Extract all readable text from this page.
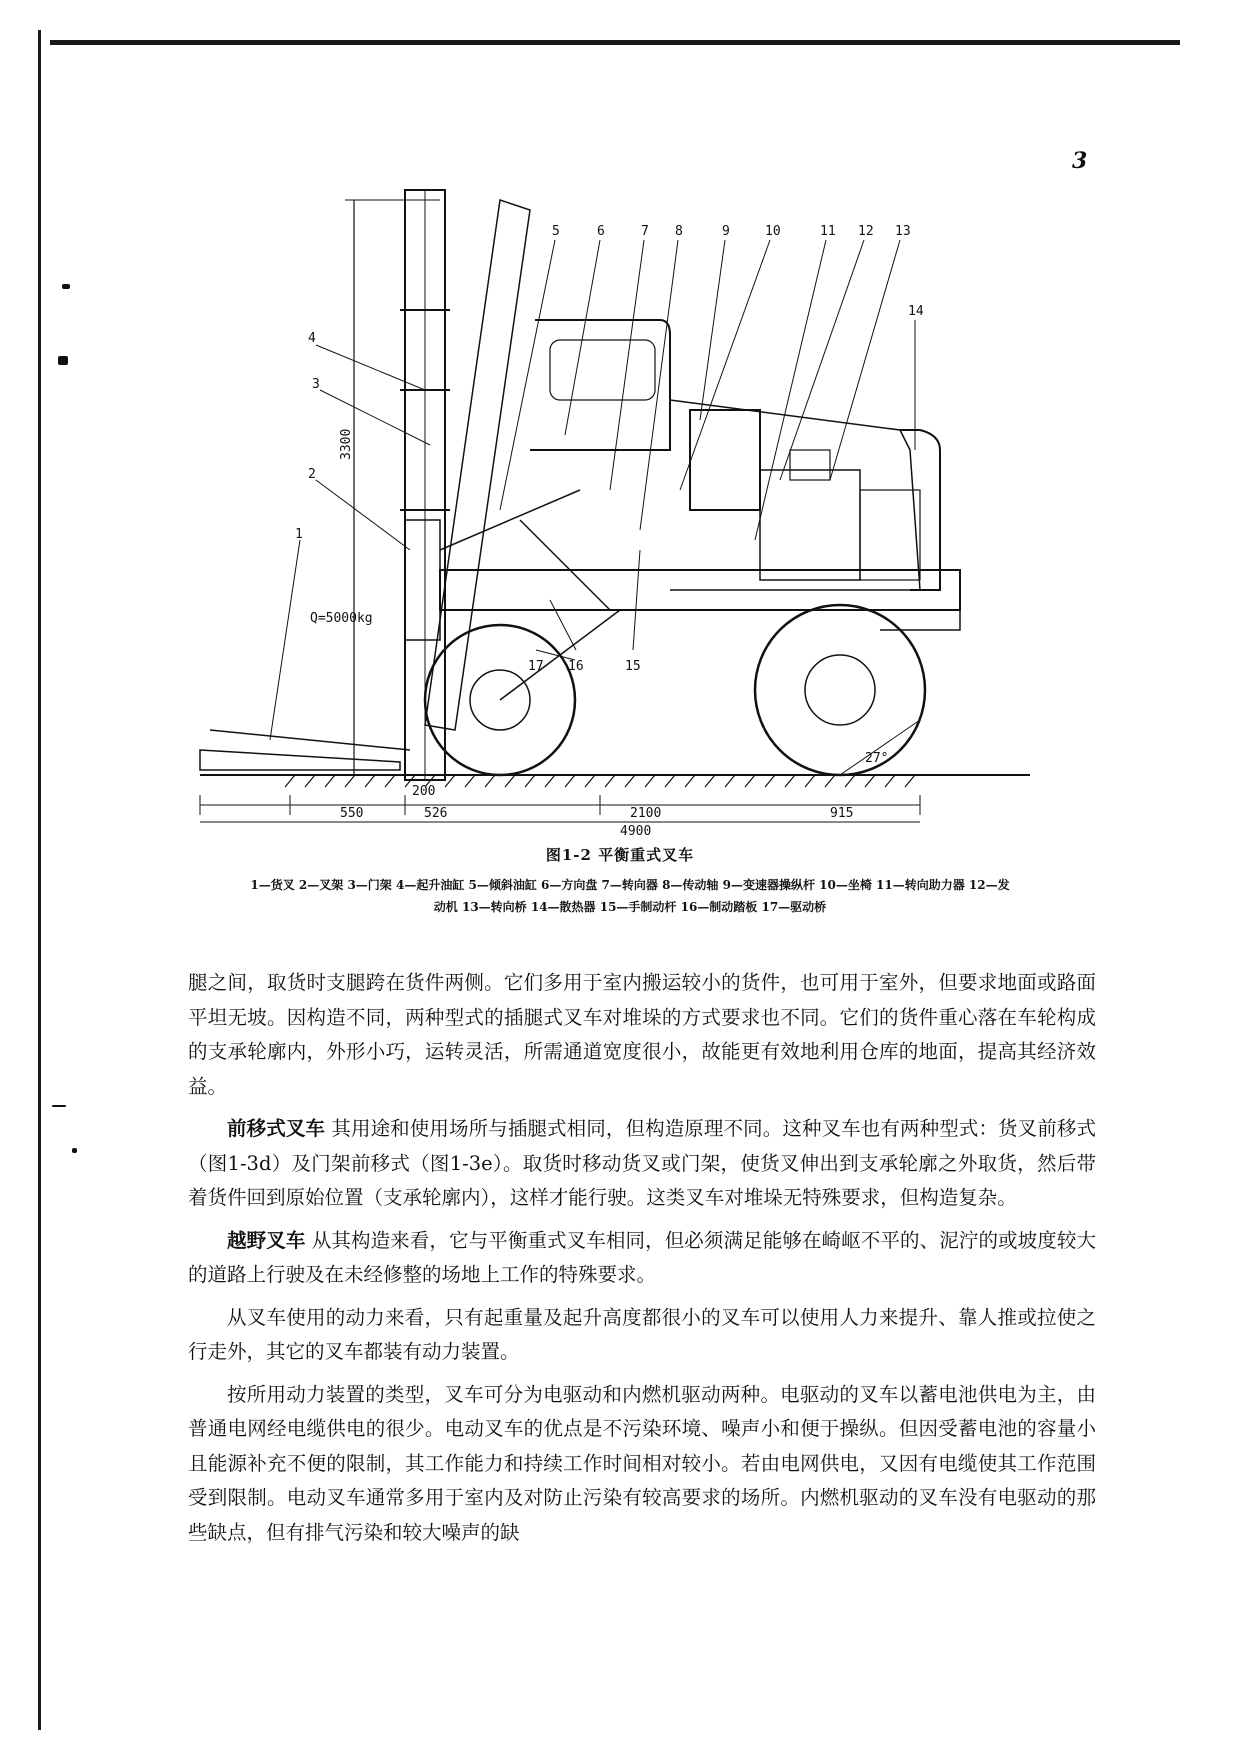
3
5	6	7 8	9	10	11 12 13
14
4
3
2
1
17 16	15
3300
Q=5000kg
200
550	526	2100	915
4900
27°
图1-2 平衡重式叉车
1—货叉 2—叉架 3—门架 4—起升油缸 5—倾斜油缸 6—方向盘 7—转向器 8—传动轴 9—变速器操纵杆 10—坐椅 11—转向助力器 12—发动机 13—转向桥 14—散热器 15—手制动杆 16—制动踏板 17—驱动桥

腿之间，取货时支腿跨在货件两侧。它们多用于室内搬运较小的货件，也可用于室外，但要求地面或路面平坦无坡。因构造不同，两种型式的插腿式叉车对堆垛的方式要求也不同。它们的货件重心落在车轮构成的支承轮廓内，外形小巧，运转灵活，所需通道宽度很小，故能更有效地利用仓库的地面，提高其经济效益。

前移式叉车 其用途和使用场所与插腿式相同，但构造原理不同。这种叉车也有两种型式：货叉前移式（图1-3d）及门架前移式（图1-3e）。取货时移动货叉或门架，使货叉伸出到支承轮廓之外取货，然后带着货件回到原始位置（支承轮廓内），这样才能行驶。这类叉车对堆垛无特殊要求，但构造复杂。

越野叉车 从其构造来看，它与平衡重式叉车相同，但必须满足能够在崎岖不平的、泥泞的或坡度较大的道路上行驶及在未经修整的场地上工作的特殊要求。

从叉车使用的动力来看，只有起重量及起升高度都很小的叉车可以使用人力来提升、靠人推或拉使之行走外，其它的叉车都装有动力装置。

按所用动力装置的类型，叉车可分为电驱动和内燃机驱动两种。电驱动的叉车以蓄电池供电为主，由普通电网经电缆供电的很少。电动叉车的优点是不污染环境、噪声小和便于操纵。但因受蓄电池的容量小且能源补充不便的限制，其工作能力和持续工作时间相对较小。若由电网供电，又因有电缆使其工作范围受到限制。电动叉车通常多用于室内及对防止污染有较高要求的场所。内燃机驱动的叉车没有电驱动的那些缺点，但有排气污染和较大噪声的缺
